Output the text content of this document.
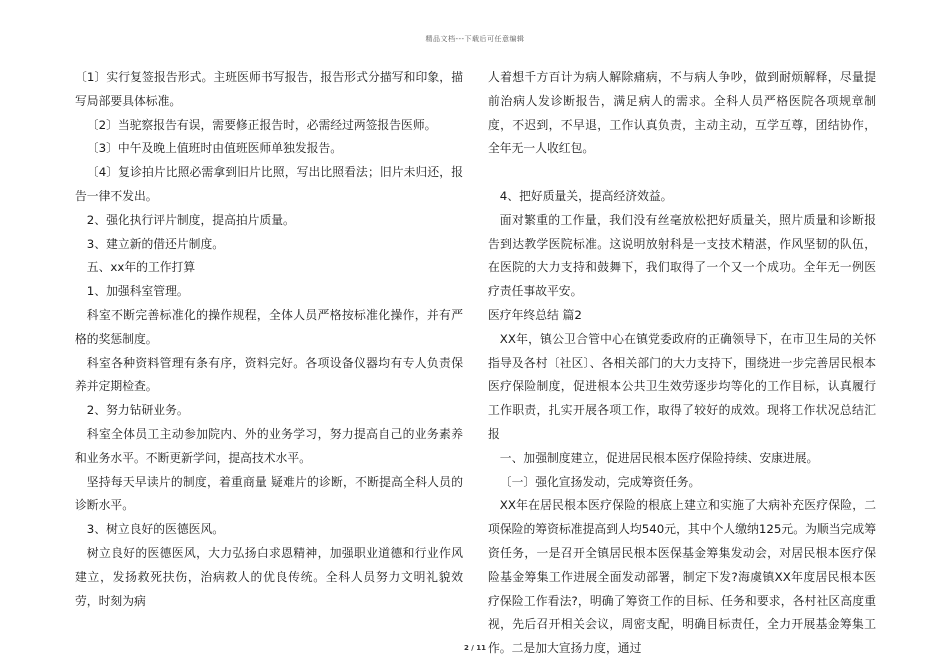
精品文档---下载后可任意编辑

〔1〕实行复签报告形式。主班医师书写报告，报告形式分描写和印象，描写局部要具体标准。

〔2〕当驼察报告有误，需要修正报告时，必需经过两签报告医师。

〔3〕中午及晚上值班时由值班医师单独发报告。

〔4〕复诊拍片比照必需拿到旧片比照，写出比照看法；旧片未归还，报告一律不发出。

2、强化执行评片制度，提高拍片质量。

3、建立新的借还片制度。

五、xx年的工作打算

1、加强科室管理。

科室不断完善标准化的操作规程，全体人员严格按标准化操作，并有严格的奖惩制度。

科室各种资料管理有条有序，资料完好。各项设备仪器均有专人负责保养并定期检查。

2、努力钻研业务。

科室全体员工主动参加院内、外的业务学习，努力提高自己的业务素养和业务水平。不断更新学问，提高技术水平。

坚持每天早读片的制度，着重商量 疑难片的诊断，不断提高全科人员的诊断水平。

3、树立良好的医德医风。

树立良好的医德医风，大力弘扬白求恩精神，加强职业道德和行业作风建立，发扬救死扶伤，治病救人的优良传统。全科人员努力文明礼貌效劳，时刻为病

人着想千方百计为病人解除痛病，不与病人争吵，做到耐烦解释，尽量提前治病人发诊断报告，满足病人的需求。全科人员严格医院各项规章制度，不迟到，不早退，工作认真负责，主动主动，互学互尊，团结协作，全年无一人收红包。

4、把好质量关，提高经济效益。

面对繁重的工作量，我们没有丝毫放松把好质量关，照片质量和诊断报告到达教学医院标准。这说明放射科是一支技术精湛，作风坚韧的队伍，在医院的大力支持和鼓舞下，我们取得了一个又一个成功。全年无一例医疗责任事故平安。

医疗年终总结 篇2

XX年，镇公卫合管中心在镇党委政府的正确领导下，在市卫生局的关怀指导及各村〔社区〕、各相关部门的大力支持下，围绕进一步完善居民根本医疗保险制度，促进根本公共卫生效劳逐步均等化的工作目标，认真履行工作职责，扎实开展各项工作，取得了较好的成效。现将工作状况总结汇报

一、加强制度建立，促进居民根本医疗保险持续、安康进展。

〔一〕强化宣扬发动，完成筹资任务。

XX年在居民根本医疗保险的根底上建立和实施了大病补充医疗保险，二项保险的筹资标准提高到人均540元，其中个人缴纳125元。为顺当完成筹资任务，一是召开全镇居民根本医保基金筹集发动会，对居民根本医疗保险基金筹集工作进展全面发动部署，制定下发?海虞镇XX年度居民根本医疗保险工作看法?，明确了筹资工作的目标、任务和要求，各村社区高度重视，先后召开相关会议，周密支配，明确目标责任，全力开展基金筹集工作。二是加大宣扬力度，通过

2 / 11
